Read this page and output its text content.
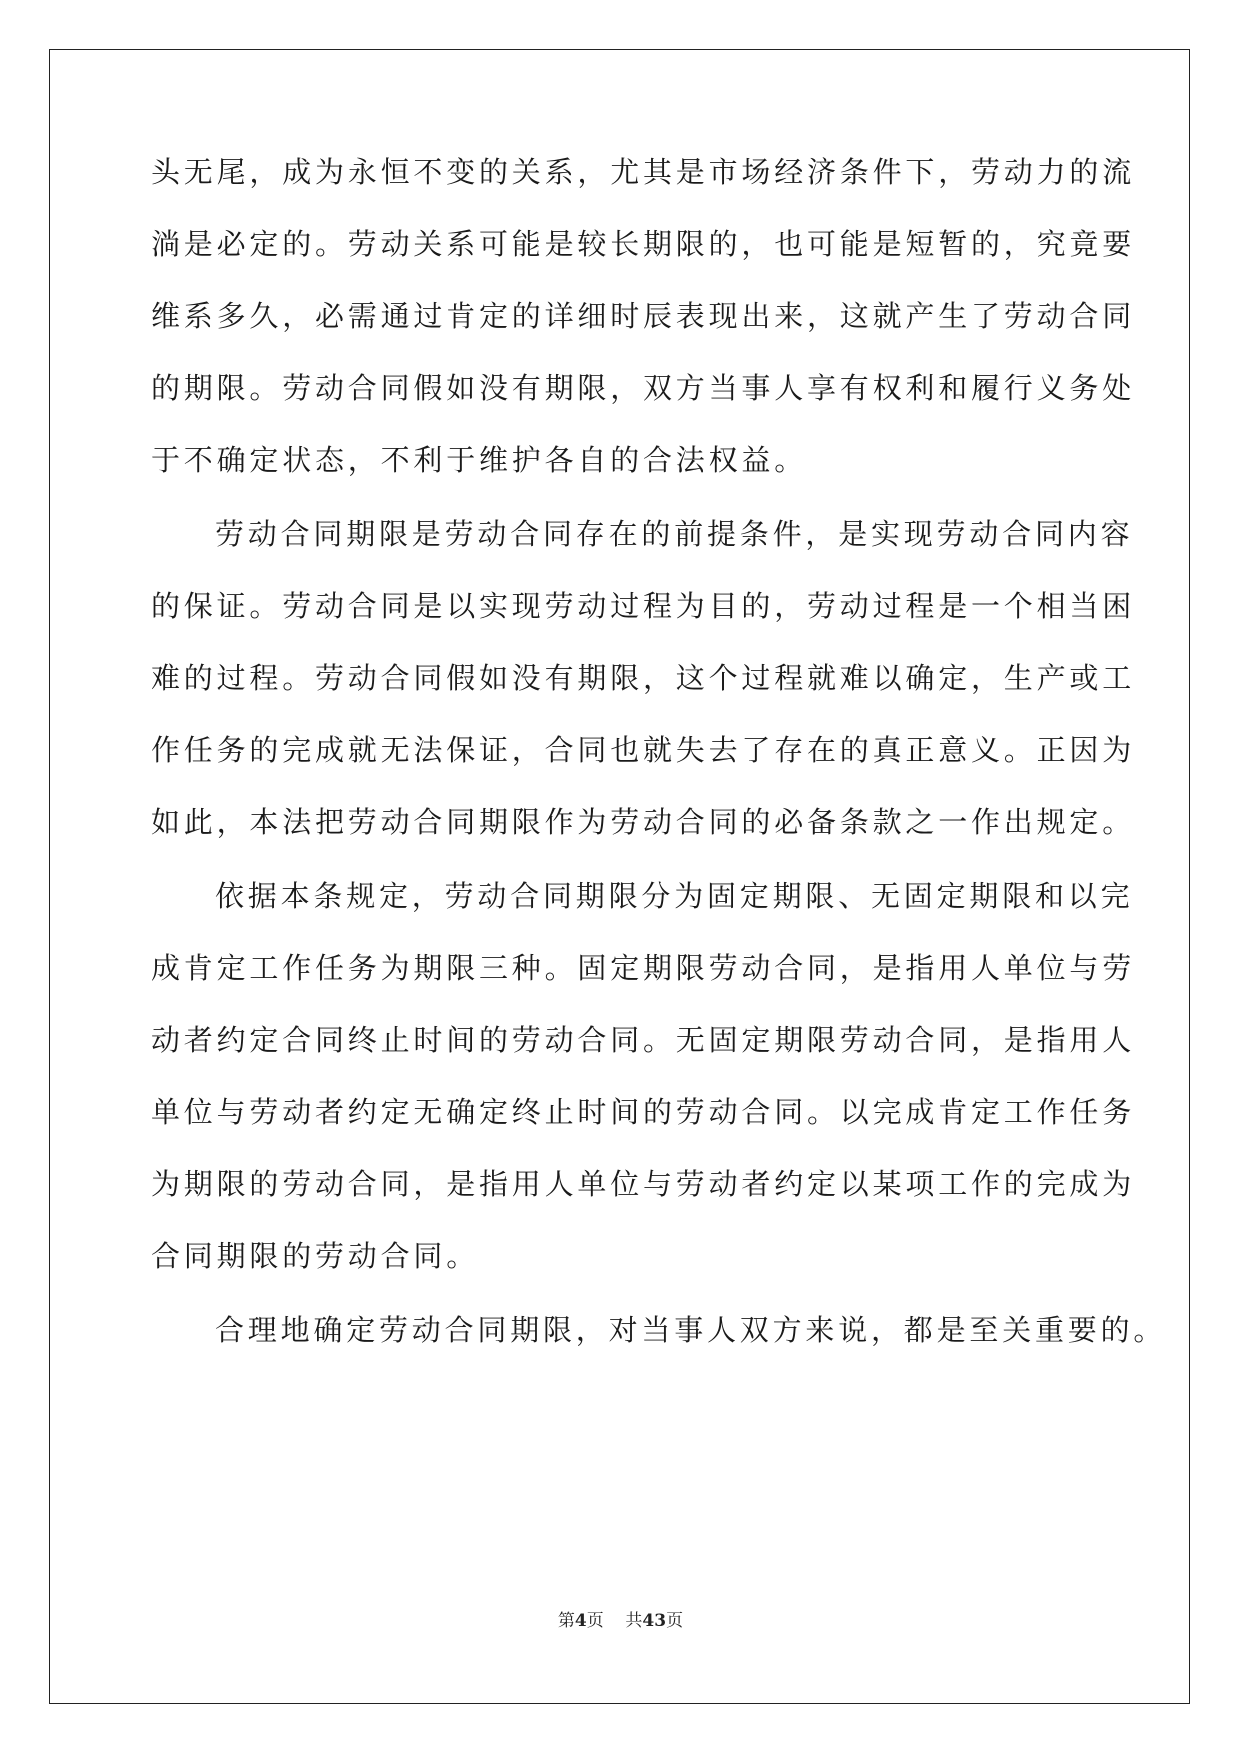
头无尾，成为永恒不变的关系，尤其是市场经济条件下，劳动力的流
淌是必定的。劳动关系可能是较长期限的，也可能是短暂的，究竟要
维系多久，必需通过肯定的详细时辰表现出来，这就产生了劳动合同
的期限。劳动合同假如没有期限，双方当事人享有权利和履行义务处
于不确定状态，不利于维护各自的合法权益。
劳动合同期限是劳动合同存在的前提条件，是实现劳动合同内容
的保证。劳动合同是以实现劳动过程为目的，劳动过程是一个相当困
难的过程。劳动合同假如没有期限，这个过程就难以确定，生产或工
作任务的完成就无法保证，合同也就失去了存在的真正意义。正因为
如此，本法把劳动合同期限作为劳动合同的必备条款之一作出规定。
依据本条规定，劳动合同期限分为固定期限、无固定期限和以完
成肯定工作任务为期限三种。固定期限劳动合同，是指用人单位与劳
动者约定合同终止时间的劳动合同。无固定期限劳动合同，是指用人
单位与劳动者约定无确定终止时间的劳动合同。以完成肯定工作任务
为期限的劳动合同，是指用人单位与劳动者约定以某项工作的完成为
合同期限的劳动合同。
合理地确定劳动合同期限，对当事人双方来说，都是至关重要的。
第4页 共43页
